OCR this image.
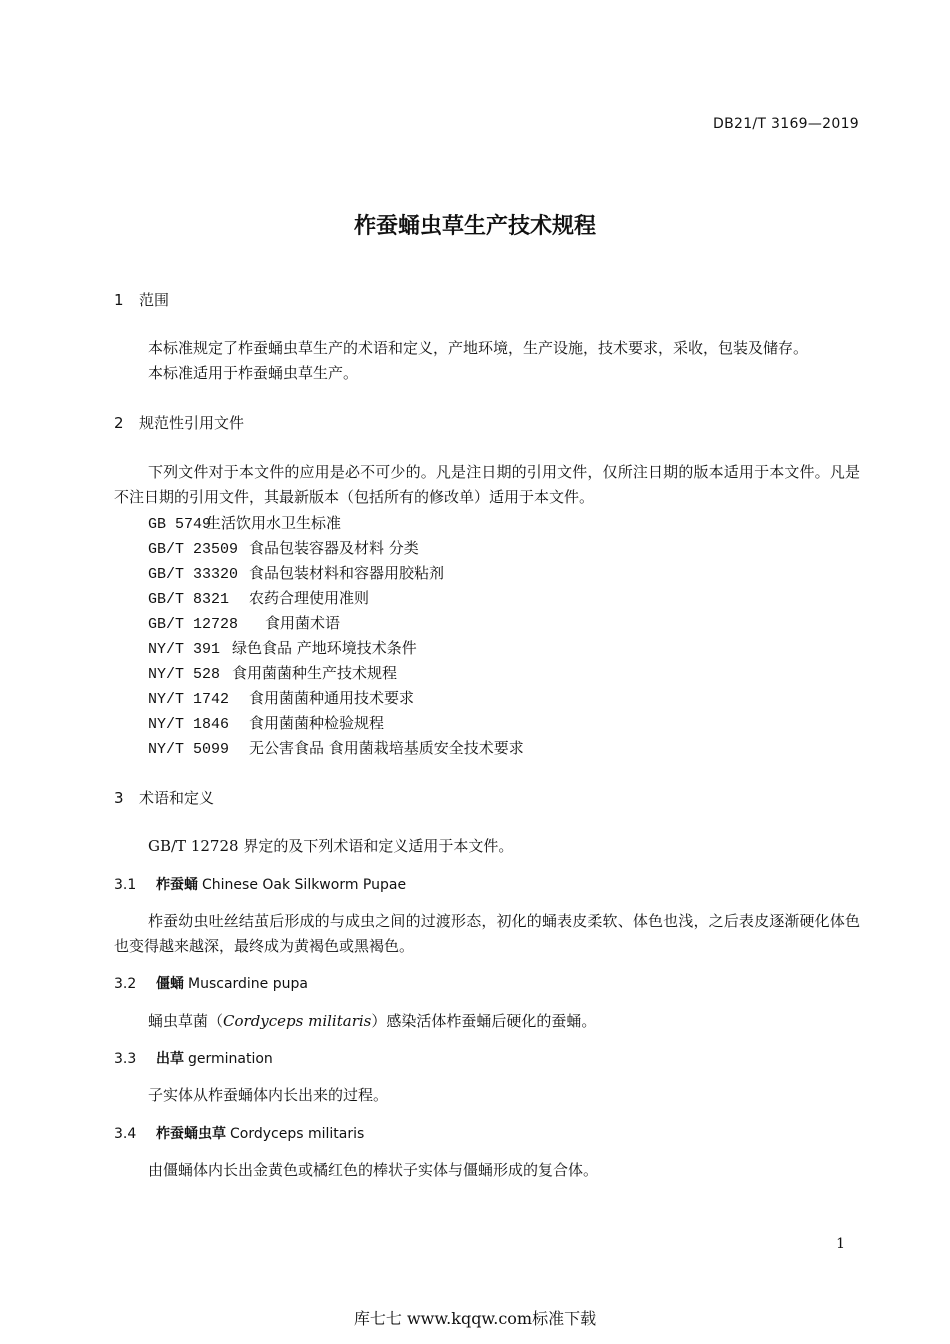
DB21/T 3169—2019
柞蚕蛹虫草生产技术规程
1 范围
本标准规定了柞蚕蛹虫草生产的术语和定义，产地环境，生产设施，技术要求，采收，包装及储存。
本标准适用于柞蚕蛹虫草生产。
2 规范性引用文件
下列文件对于本文件的应用是必不可少的。凡是注日期的引用文件，仅所注日期的版本适用于本文件。凡是不注日期的引用文件，其最新版本（包括所有的修改单）适用于本文件。
GB 5749生活饮用水卫生标准
GB/T 23509 食品包装容器及材料 分类
GB/T 33320 食品包装材料和容器用胶粘剂
GB/T 8321 农药合理使用准则
GB/T 12728 食用菌术语
NY/T 391 绿色食品 产地环境技术条件
NY/T 528 食用菌菌种生产技术规程
NY/T 1742 食用菌菌种通用技术要求
NY/T 1846 食用菌菌种检验规程
NY/T 5099 无公害食品 食用菌栽培基质安全技术要求
3 术语和定义
GB/T 12728 界定的及下列术语和定义适用于本文件。
3.1 柞蚕蛹 Chinese Oak Silkworm Pupae
柞蚕幼虫吐丝结茧后形成的与成虫之间的过渡形态，初化的蛹表皮柔软、体色也浅，之后表皮逐渐硬化体色也变得越来越深，最终成为黄褐色或黑褐色。
3.2 僵蛹 Muscardine pupa
蛹虫草菌（Cordyceps militaris）感染活体柞蚕蛹后硬化的蚕蛹。
3.3 出草 germination
子实体从柞蚕蛹体内长出来的过程。
3.4 柞蚕蛹虫草 Cordyceps militaris
由僵蛹体内长出金黄色或橘红色的棒状子实体与僵蛹形成的复合体。
1
库七七 www.kqqw.com标准下载
